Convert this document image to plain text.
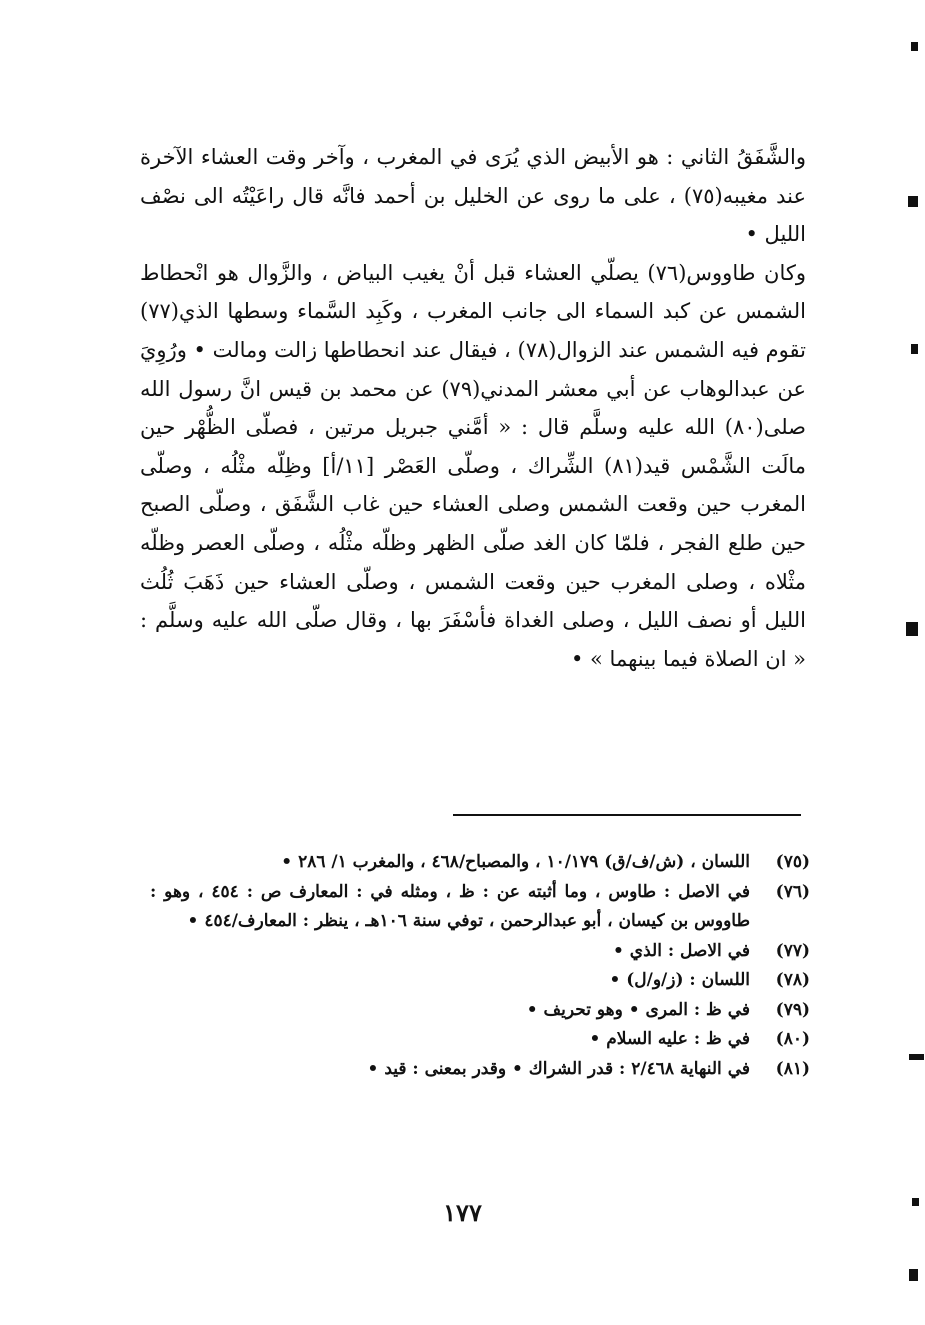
والشَّفَقُ الثاني : هو الأبيض الذي يُرَى في المغرب ، وآخر وقت العشاء الآخرة عند مغيبه(٧٥) ، على ما روى عن الخليل بن أحمد فانَّه قال راعَيْتُه الى نصْف الليل •

وكان طاووس(٧٦) يصلّي العشاء قبل أنْ يغيب البياض ، والزَّوال هو انْحطاط الشمس عن كبد السماء الى جانب المغرب ، وكَبِد السَّماء وسطها الذي(٧٧) تقوم فيه الشمس عند الزوال(٧٨) ، فيقال عند انحطاطها زالت ومالت • ورُوِيَ عن عبدالوهاب عن أبي معشر المدني(٧٩) عن محمد بن قيس انَّ رسول الله صلى(٨٠) الله عليه وسلَّم قال : « أمَّني جبريل مرتين ، فصلّى الظُّهْر حين مالَت الشَّمْس قيد(٨١) الشِّراك ، وصلّى العَصْر [١١/أ] وظِلّه مثْلُه ، وصلّى المغرب حين وقعت الشمس وصلى العشاء حين غاب الشَّفَق ، وصلّى الصبح حين طلع الفجر ، فلمّا كان الغد صلّى الظهر وظلّه مثْلُه ، وصلّى العصر وظلّه مثْلاه ، وصلى المغرب حين وقعت الشمس ، وصلّى العشاء حين ذَهَبَ ثُلُث الليل أو نصف الليل ، وصلى الغداة فأسْفَرَ بها ، وقال صلّى الله عليه وسلَّم : « ان الصلاة فيما بينهما » •

(٧٥)
اللسان ، (ش/ف/ق) ١٠/١٧٩ ، والمصباح/٤٦٨ ، والمغرب ١/ ٢٨٦ •
(٧٦)
في الاصل : طاوس ، وما أثبته عن : ظ ، ومثله في : المعارف ص : ٤٥٤ ، وهو : طاووس بن كيسان ، أبو عبدالرحمن ، توفي سنة ١٠٦هـ ، ينظر : المعارف/٤٥٤ •
(٧٧)
في الاصل : الذي •
(٧٨)
اللسان : (ز/و/ل) •
(٧٩)
في ظ : المرى • وهو تحريف •
(٨٠)
في ظ : عليه السلام •
(٨١)
في النهاية ٢/٤٦٨ : قدر الشراك • وقدر بمعنى : قيد •
١٧٧
